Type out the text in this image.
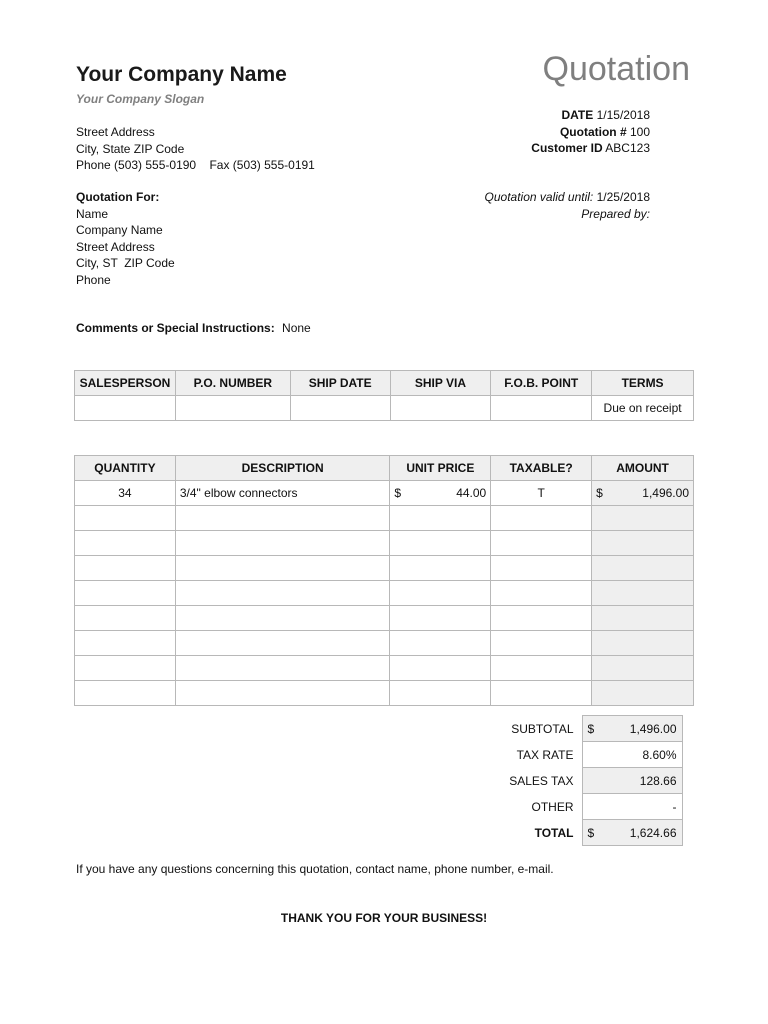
Your Company Name
Your Company Slogan
Quotation
Street Address
City, State ZIP Code
Phone (503) 555-0190 Fax (503) 555-0191
DATE 1/15/2018
Quotation # 100
Customer ID ABC123
Quotation For:
Name
Company Name
Street Address
City, ST  ZIP Code
Phone
Quotation valid until: 1/25/2018
Prepared by:
Comments or Special Instructions: None
SALESPERSON	P.O. NUMBER	SHIP DATE	SHIP VIA	F.O.B. POINT	TERMS
					Due on receipt
QUANTITY	DESCRIPTION	UNIT PRICE	TAXABLE?	AMOUNT
34	3/4" elbow connectors	$ 44.00	T	$ 1,496.00

SUBTOTAL	$ 1,496.00

TAX RATE	8.60%
SALES TAX	128.66
OTHER	-
TOTAL	$ 1,624.66
If you have any questions concerning this quotation, contact name, phone number, e-mail.
THANK YOU FOR YOUR BUSINESS!
